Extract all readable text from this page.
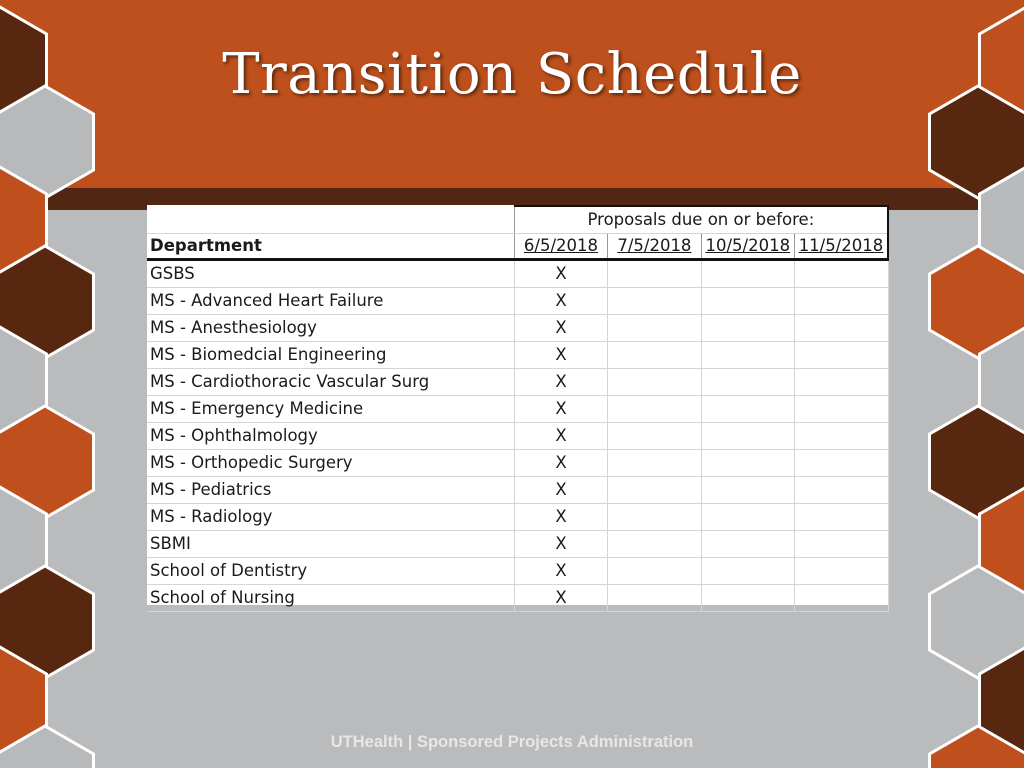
Transition Schedule
	Proposals due on or before:			
Department	6/5/2018	7/5/2018	10/5/2018	11/5/2018
GSBS	X			
MS - Advanced Heart Failure	X			
MS - Anesthesiology	X			
MS - Biomedcial Engineering	X			
MS - Cardiothoracic Vascular Surg	X			
MS - Emergency Medicine	X			
MS - Ophthalmology	X			
MS - Orthopedic Surgery	X			
MS - Pediatrics	X			
MS - Radiology	X			
SBMI	X			
School of Dentistry	X			
School of Nursing	X			
UTHealth | Sponsored Projects Administration
